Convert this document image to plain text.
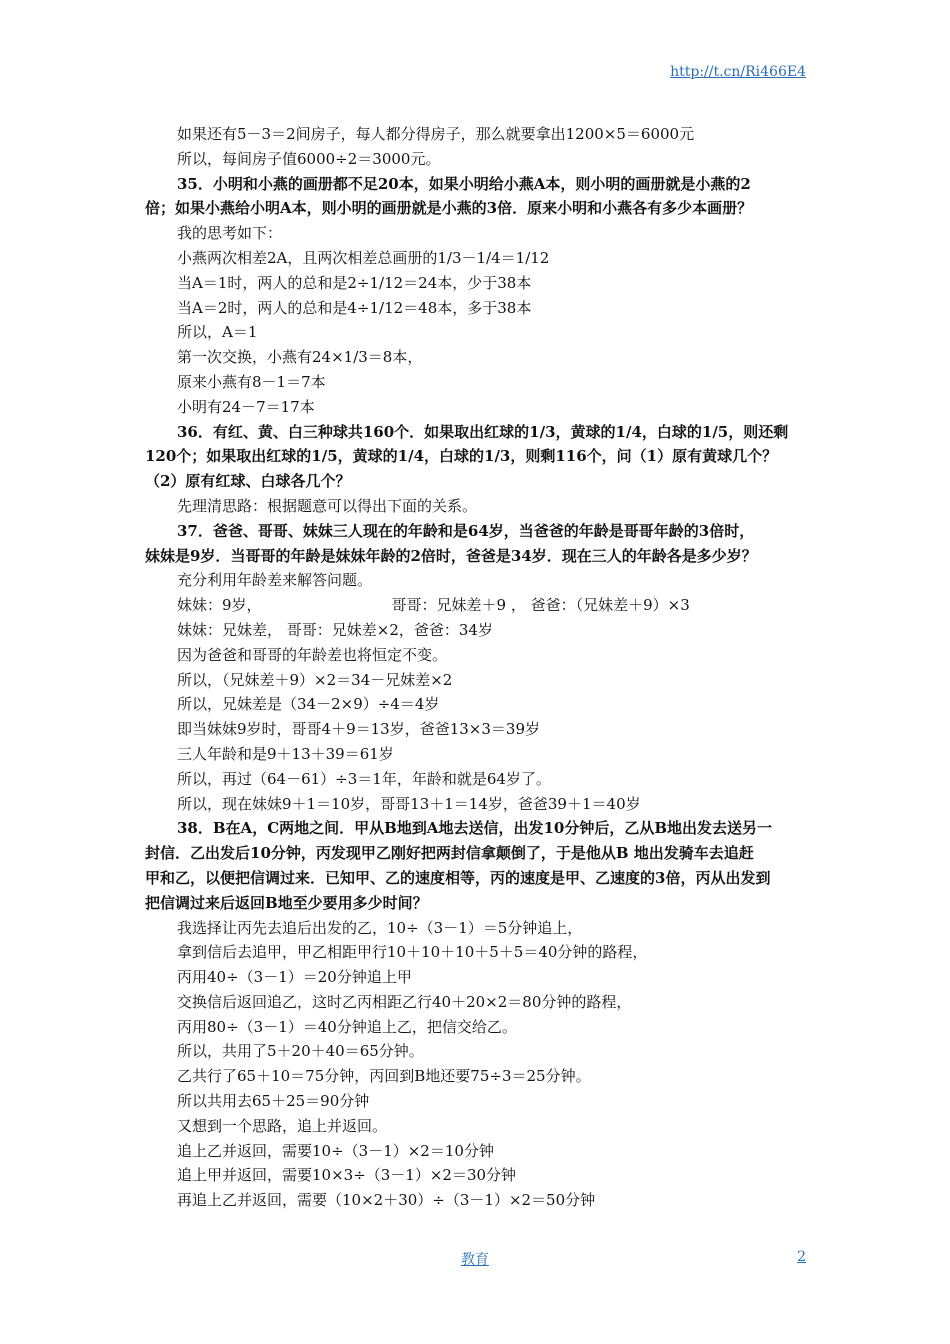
http://t.cn/Ri466E4
如果还有5－3＝2间房子，每人都分得房子，那么就要拿出1200×5＝6000元
所以，每间房子值6000÷2＝3000元。
35．小明和小燕的画册都不足20本，如果小明给小燕A本，则小明的画册就是小燕的2
倍；如果小燕给小明A本，则小明的画册就是小燕的3倍．原来小明和小燕各有多少本画册？
我的思考如下：
小燕两次相差2A，且两次相差总画册的1/3－1/4＝1/12
当A＝1时，两人的总和是2÷1/12＝24本，少于38本
当A＝2时，两人的总和是4÷1/12＝48本，多于38本
所以，A＝1
第一次交换，小燕有24×1/3＝8本，
原来小燕有8－1＝7本
小明有24－7＝17本
36．有红、黄、白三种球共160个．如果取出红球的1/3，黄球的1/4，白球的1/5，则还剩
120个；如果取出红球的1/5，黄球的1/4，白球的1/3，则剩116个，问（1）原有黄球几个？
（2）原有红球、白球各几个？
先理清思路：根据题意可以得出下面的关系。
37．爸爸、哥哥、妹妹三人现在的年龄和是64岁，当爸爸的年龄是哥哥年龄的3倍时，
妹妹是9岁．当哥哥的年龄是妹妹年龄的2倍时，爸爸是34岁．现在三人的年龄各是多少岁？
充分利用年龄差来解答问题。
妹妹：9岁，	哥哥：兄妹差＋9 ， 爸爸：（兄妹差＋9）×3
妹妹：兄妹差， 哥哥：兄妹差×2，爸爸：34岁
因为爸爸和哥哥的年龄差也将恒定不变。
所以，（兄妹差＋9）×2＝34－兄妹差×2
所以，兄妹差是（34－2×9）÷4＝4岁
即当妹妹9岁时，哥哥4＋9＝13岁，爸爸13×3＝39岁
三人年龄和是9＋13＋39＝61岁
所以，再过（64－61）÷3＝1年，年龄和就是64岁了。
所以，现在妹妹9＋1＝10岁，哥哥13＋1＝14岁，爸爸39＋1＝40岁
38．B在A，C两地之间．甲从B地到A地去送信，出发10分钟后，乙从B地出发去送另一
封信．乙出发后10分钟，丙发现甲乙刚好把两封信拿颠倒了，于是他从B 地出发骑车去追赶
甲和乙，以便把信调过来．已知甲、乙的速度相等，丙的速度是甲、乙速度的3倍，丙从出发到
把信调过来后返回B地至少要用多少时间？
我选择让丙先去追后出发的乙，10÷（3－1）＝5分钟追上，
拿到信后去追甲，甲乙相距甲行10＋10＋10＋5＋5＝40分钟的路程，
丙用40÷（3－1）＝20分钟追上甲
交换信后返回追乙，这时乙丙相距乙行40＋20×2＝80分钟的路程，
丙用80÷（3－1）＝40分钟追上乙，把信交给乙。
所以，共用了5＋20＋40＝65分钟。
乙共行了65＋10＝75分钟，丙回到B地还要75÷3＝25分钟。
所以共用去65＋25＝90分钟
又想到一个思路，追上并返回。
追上乙并返回，需要10÷（3－1）×2＝10分钟
追上甲并返回，需要10×3÷（3－1）×2＝30分钟
再追上乙并返回，需要（10×2＋30）÷（3－1）×2＝50分钟
教育	2
